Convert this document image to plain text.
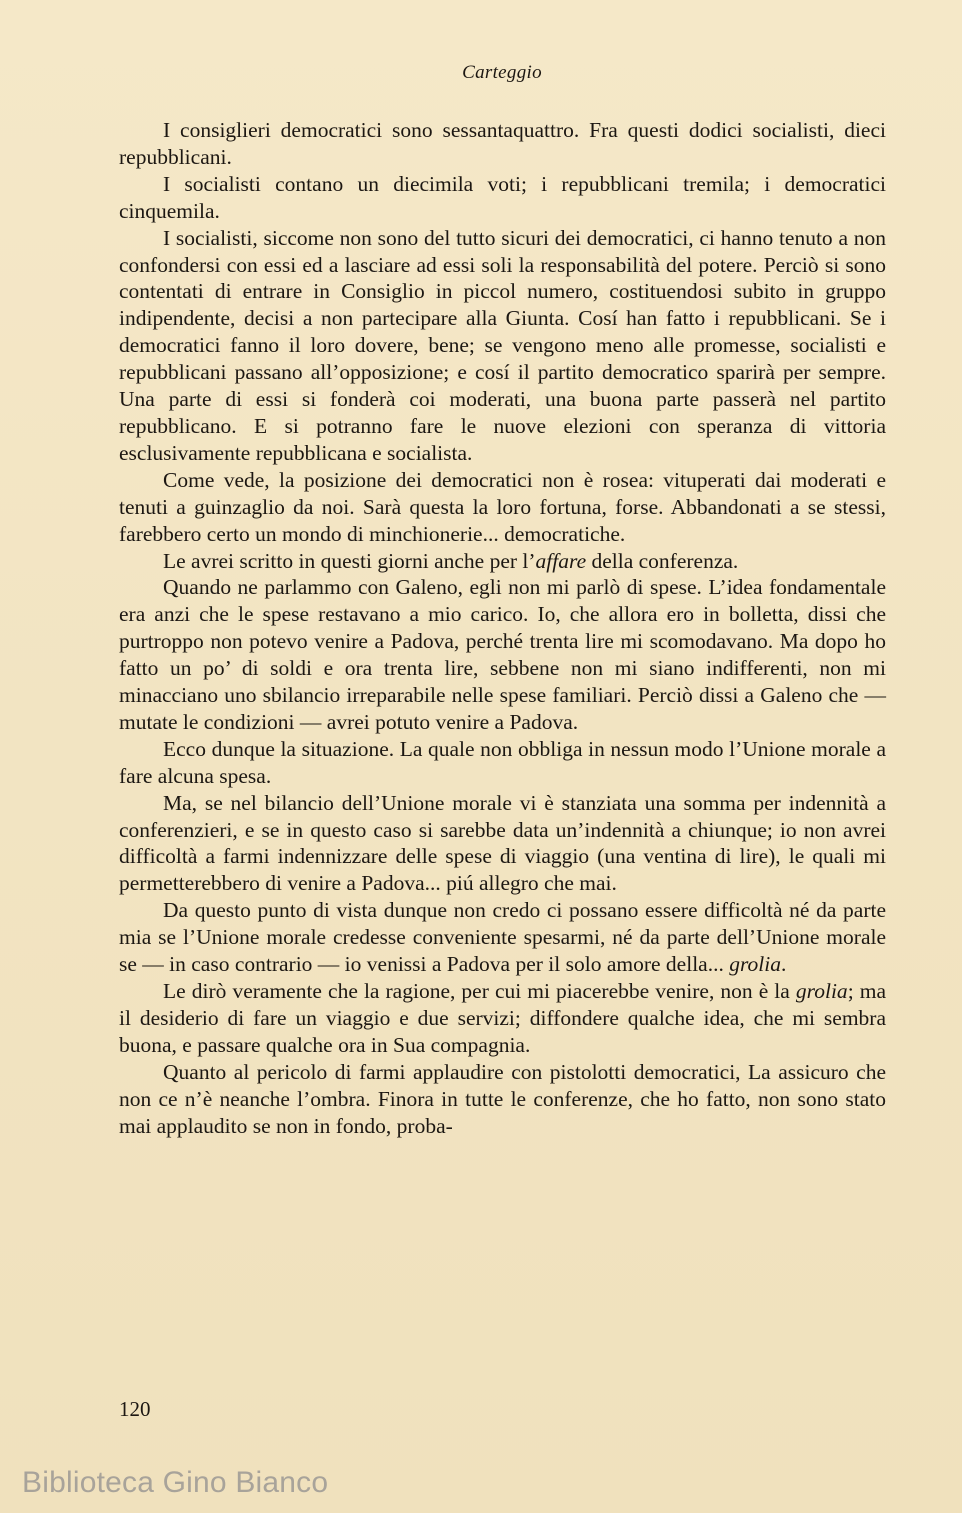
Carteggio

I consiglieri democratici sono sessantaquattro. Fra questi dodici socialisti, dieci repubblicani.

I socialisti contano un diecimila voti; i repubblicani tremila; i democratici cinquemila.

I socialisti, siccome non sono del tutto sicuri dei democratici, ci hanno tenuto a non confondersi con essi ed a lasciare ad essi soli la responsabilità del potere. Perciò si sono contentati di entrare in Consiglio in piccol numero, costituendosi subito in gruppo indipendente, decisi a non partecipare alla Giunta. Cosí han fatto i repubblicani. Se i democratici fanno il loro dovere, bene; se vengono meno alle promesse, socialisti e repubblicani passano all’opposizione; e cosí il partito democratico sparirà per sempre. Una parte di essi si fonderà coi moderati, una buona parte passerà nel partito repubblicano. E si potranno fare le nuove elezioni con speranza di vittoria esclusivamente repubblicana e socialista.

Come vede, la posizione dei democratici non è rosea: vituperati dai moderati e tenuti a guinzaglio da noi. Sarà questa la loro fortuna, forse. Abbandonati a se stessi, farebbero certo un mondo di minchionerie... democratiche.

Le avrei scritto in questi giorni anche per l’affare della conferenza.

Quando ne parlammo con Galeno, egli non mi parlò di spese. L’idea fondamentale era anzi che le spese restavano a mio carico. Io, che allora ero in bolletta, dissi che purtroppo non potevo venire a Padova, perché trenta lire mi scomodavano. Ma dopo ho fatto un po’ di soldi e ora trenta lire, sebbene non mi siano indifferenti, non mi minacciano uno sbilancio irreparabile nelle spese familiari. Perciò dissi a Galeno che — mutate le condizioni — avrei potuto venire a Padova.

Ecco dunque la situazione. La quale non obbliga in nessun modo l’Unione morale a fare alcuna spesa.

Ma, se nel bilancio dell’Unione morale vi è stanziata una somma per indennità a conferenzieri, e se in questo caso si sarebbe data un’indennità a chiunque; io non avrei difficoltà a farmi indennizzare delle spese di viaggio (una ventina di lire), le quali mi permetterebbero di venire a Padova... piú allegro che mai.

Da questo punto di vista dunque non credo ci possano essere difficoltà né da parte mia se l’Unione morale credesse conveniente spesarmi, né da parte dell’Unione morale se — in caso contrario — io venissi a Padova per il solo amore della... grolia.

Le dirò veramente che la ragione, per cui mi piacerebbe venire, non è la grolia; ma il desiderio di fare un viaggio e due servizi; diffondere qualche idea, che mi sembra buona, e passare qualche ora in Sua compagnia.

Quanto al pericolo di farmi applaudire con pistolotti democratici, La assicuro che non ce n’è neanche l’ombra. Finora in tutte le conferenze, che ho fatto, non sono stato mai applaudito se non in fondo, proba-

120
Biblioteca Gino Bianco
